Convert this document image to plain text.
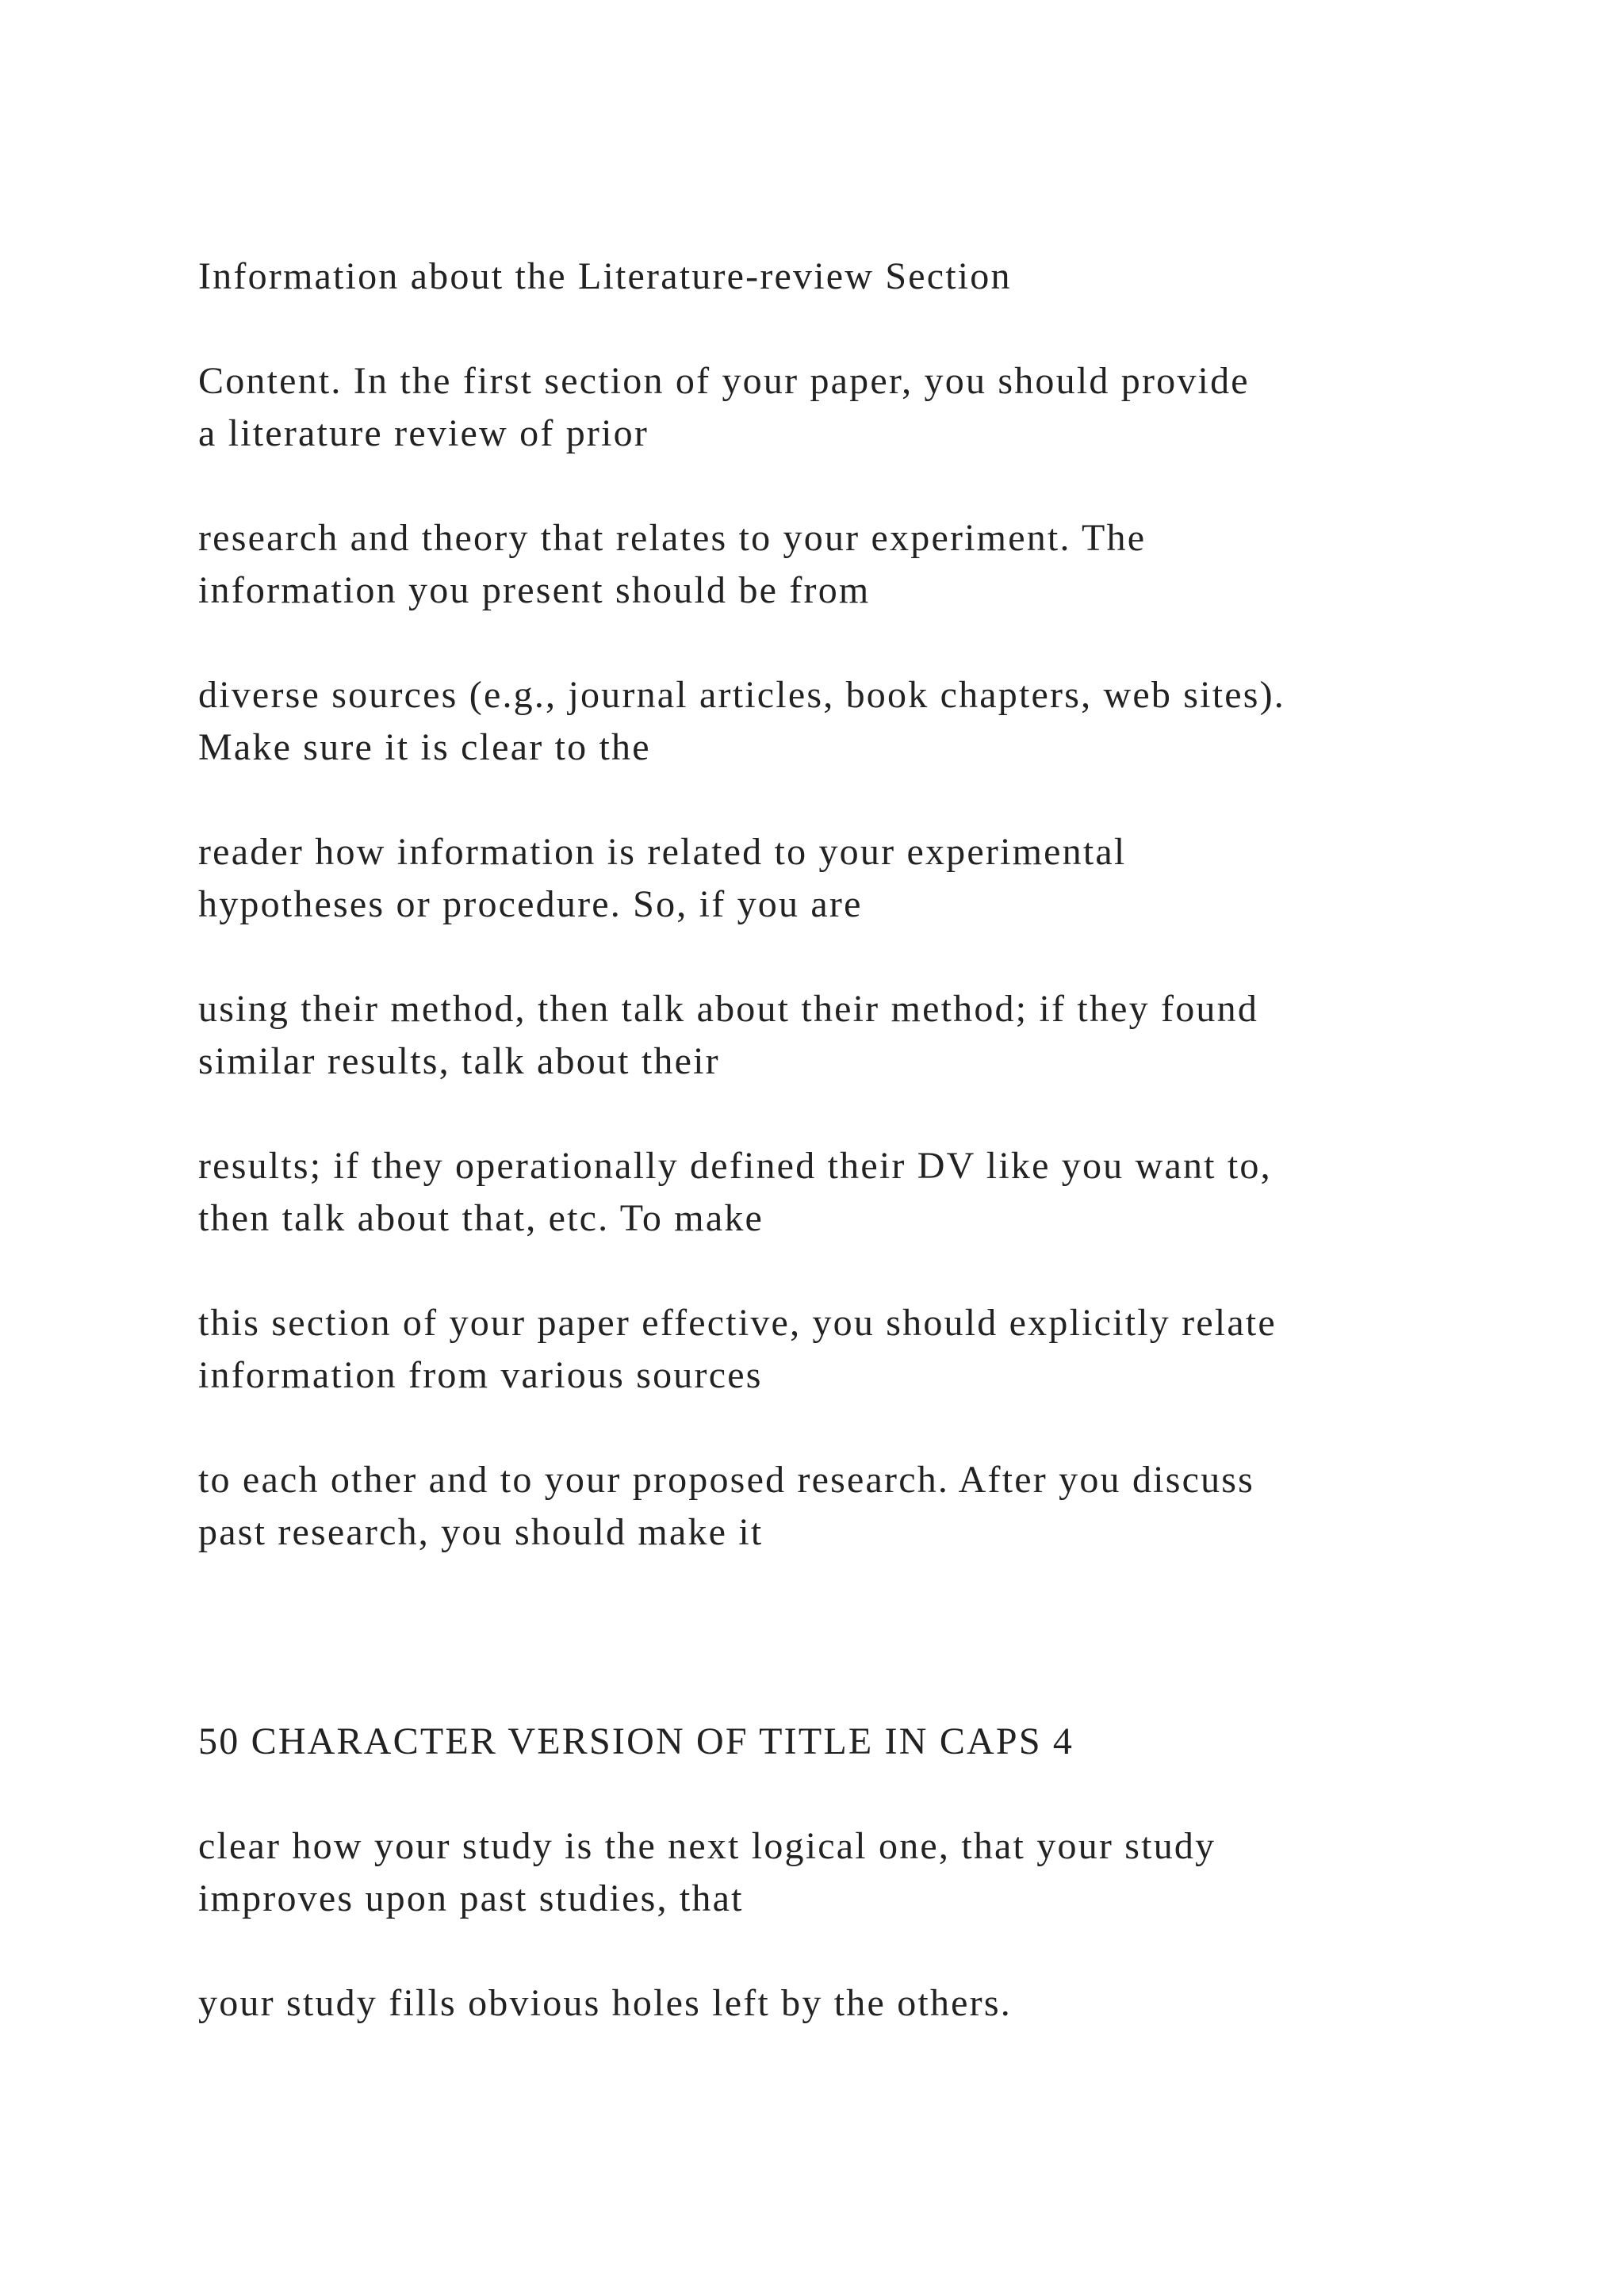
Information about the Literature-review Section

Content. In the first section of your paper, you should provide

a literature review of prior

research and theory that relates to your experiment. The

information you present should be from

diverse sources (e.g., journal articles, book chapters, web sites).

Make sure it is clear to the

reader how information is related to your experimental

hypotheses or procedure. So, if you are

using their method, then talk about their method; if they found

similar results, talk about their

results; if they operationally defined their DV like you want to,

then talk about that, etc. To make

this section of your paper effective, you should explicitly relate

information from various sources

to each other and to your proposed research. After you discuss

past research, you should make it

50 CHARACTER VERSION OF TITLE IN CAPS 4

clear how your study is the next logical one, that your study

improves upon past studies, that

your study fills obvious holes left by the others.
